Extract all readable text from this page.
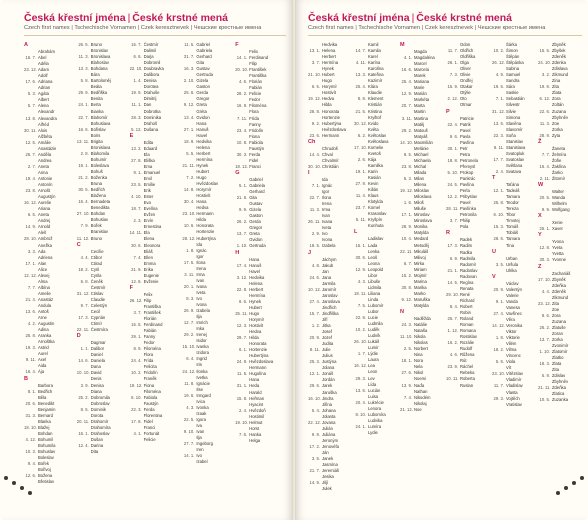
Česká křestní jména | České krstné mená
Czech first names | Tschechische Vornamen | Czek keresztnevek | Чешские крестные имена
A
Abrahám
16. 7. Abel
Adéla
23. 12. Adam
Adolf
17. 6. Adriana
Adrian
5. 3. Agáta
Albert
5. 7. Alena
Alexandr
13. 8. Alexandra
Alfréd
30. 11. Alois
Alžběta
12. 5. Amálie
Anastázie
26. 7. Anděla
Andrea
2. 7. Aneta
Anna
19. 4. Antonie
Antonín
23. 8. Arnošt
Augustýn
16. 12. Aurelie
Ariana
6. 5. Aneta
Andrej
14. 9. Arnold
Aleš
28. 10. Ambrož
Anežka
3. 3. Ada
Adriena
17. 1. Alan
Alice
12. 12. Alexej
Alma
7. 7. Albína
Amelie
21. 4. Anastáz
Andula
13. 6. Antoš
Arne
4. 2. Augustin
Adina
25. 8. Aranka
Arnoštka
19. 3. Astrid
Aurel
9. 11. Axel
Aida
16. 4. Ája
B
Barbora
8. 1. Bedřich
Běla
20. 6. Benedikt
Benjamin
31. 3. Bernard
Blanka
18. 10. Blažej
Bohdan
4. 12. Bohumil
Bohumila
10. 3. Bohuslav
Boleslav
9. 4. Bořek
Bořivoj
12. 6. Božena
Břetislav
26. 5. Bruno
Bronislav
11. 3. Bronislava
Blahoslav
13. 3. Bohdana
Bára
5. 8. Bartoloměj
Beáta
29. 9. Bedřiška
Benita
24. 1. Berta
Bianka
22. 7. Blahomír
Bohuslava
16. 6. Bořislav
Boris
13. 11. Brigita
Bronislava
2. 8. Blahomila
Bohumír
19. 1. Boleslava
Bohuš
21. 2. Boženka
Bruna
30. 5. Bedřich
Blažena
15. 4. Bernadeta
Benedikta
27. 10. Bohdan
Bohuslav
7. 9. Bořek
Branislav
11. 12. Bruno
C
Cecílie
4. 4. Ctibor
Ctirad
18. 2. Cyril
Cyrila
6. 8. Čeněk
Čestmír
31. 12. Ctislav
Claudie
9. 7. Celestýn
Cecil
17. 3. Cyprián
Ctimír
22. 11. Čestmíra
D
Dagmar
1. 1. Dalibor
Daniel
14. 6. Daniela
Dana
10. 10. David
Denis
3. 9. Denisa
Diana
25. 2. Dobromila
Dobroslav
8. 5. Dominik
Dorota
20. 11. Drahomír
Drahomíra
16. 1. Drahoslav
Dušan
12. 4. Darina
Dita
15. 7. Čestmír
Dalimil
6. 6. Darja
Dobromil
22. 10. Doubravka
Dalibora
1. 4. Denisa
Dorotea
19. 9. Drahuše
Dimitrij
11. 1. Dan
Dobrotka
28. 3. Dominika
Drahoš
5. 12. Dušana
E
Edita
13. 2. Eduard
Ela
27. 8. Eliška
Ema
9. 1. Emanuel
Emil
23. 5. Emílie
Erik
4. 10. Ester
Eva
18. 7. Evelína
Evžen
2. 3. Ervín
Ernestina
14. 11. Ela
Elena
30. 6. Eleonora
Eliáš
7. 4. Ellen
Emma
21. 9. Erika
Eugenie
12. 8. Evženie
F
Felix
26. 12. Filip
Františka
3. 7. František
Florián
15. 5. Ferdinand
Fabián
29. 1. Fanny
Fedor
8. 9. Filoména
Flora
24. 4. Frída
Felicita
10. 2. Fridolín
Franěk
19. 12. Fiona
Filoména
6. 10. Fabiola
Faustýn
22. 3. Ferda
Florentina
17. 8. Fidel
Franci
4. 1. Fortunát
Felicie
11. 5. Gabriel
Gabriela
31. 7. Gerhard
Gita
16. 3. Gustav
Gertruda
2. 10. Gizela
Gaston
25. 6. Gerda
Gregor
9. 12. Greta
Gréta
13. 4. Gvidon
Hana
27. 1. Hanuš
Havel
18. 9. Hedvika
Helena
5. 5. Herbert
Hermína
21. 11. Hynek
Hubert
7. 2. Hugo
Hvězdoslav
14. 8. Horymír
Hostivít
30. 4. Hana
Hedva
23. 10. Hermann
Hilda
10. 6. Honorata
Hortenzie
28. 12. Hubertýna
Ida
1. 8. Ignác
Igor
17. 5. Ilona
Irena
3. 11. Irma
Ivan
20. 1. Ivana
Iveta
8. 3. Ivo
Ivona
26. 9. Izabela
Ilja
12. 7. Imrich
Inka
29. 2. Irenej
Isidor
15. 10. Ivanka
Izidora
6. 4. Ingrid
Iris
24. 12. Ilonka
Ivetka
11. 8. Ignácie
Ilse
19. 6. Irmgard
Ivica
4. 3. Ivonka
Izaak
22. 5. Igora
Iva
9. 10. Ivan
Ilja
27. 7. Ingeborg
Iren
14. 1. Ivo
Izabel
F
Felix
14. 1. Ferdinand
Filip
20. 10. František
Františka
4. 6. Florián
Fabián
28. 2. Felicie
Fedor
16. 9. Filoména
Flora
7. 11. Frída
Fanny
23. 4. Fridolín
Fiona
10. 8. Fabiola
Faustýn
30. 3. Ferda
Fidel
18. 12. Franci
G
Gabriel
5. 1. Gabriela
Gerhard
21. 6. Gita
Gustav
9. 9. Gizela
Gaston
26. 2. Gerda
Gregor
13. 7. Greta
Gvidon
1. 10. Gertruda
H
Hana
17. 4. Hanuš
Havel
3. 12. Hedvika
Helena
22. 8. Herbert
Hermína
8. 6. Hynek
Hubert
25. 11. Hugo
Horymír
12. 3. Hostivít
Hedva
29. 7. Hilda
Honorata
6. 1. Hortenzie
Hubertýna
24. 9. Hvězdoslava
Hermann
11. 5. Hugolína
Hana
31. 1. Heda
Harald
15. 8. Heřman
Hyacint
2. 4. Hvězdoň
Hostimil
19. 10. Helmut
Horst
7. 6. Hanka
Helga
Česká křestní jména | České krstné mená
Czech first names | Tschechische Vornamen | Czek keresztnevek | Чешские крестные имена
Hedvika
13. 1. Helena
Herbert
3. 7. Hermína
Hynek
21. 10. Hubert
Hugo
6. 5. Horymír
Hostivít
19. 12. Hedva
Hilda
28. 8. Honorata
Hortenzie
9. 2. Hubertýna
Hvězdoslava
23. 6. Hermann
Ch
Chrudoš
14. 4. Chval
Chvalmír
30. 10. Christián
I
Ida
7. 1. Ignác
Igor
22. 7. Ilona
Irena
11. 3. Irma
Ivan
26. 11. Ivana
Iveta
2. 9. Ivo
Ivona
18. 5. Izabela
J
Jáchym
4. 8. Jakub
Jan
24. 6. Jana
Jarmila
10. 12. Jaromír
Jaroslav
27. 4. Jaroslava
Jindřich
15. 7. Jindřiška
Jiří
1. 2. Jitka
Josef
20. 9. Jozef
Judita
8. 11. Julie
Julius
25. 3. Justýna
Jolana
12. 1. Jonáš
Jordán
29. 6. Jarek
Jaruška
16. 10. Jindra
Jiřina
5. 4. Johana
Jolanta
22. 12. Jovana
Julián
9. 8. Juliána
Jeroným
17. 2. Jenovéfa
Ján
3. 5. Janek
Jasmína
21. 7. Jeremiáš
Jesika
14. 9. Jiljí
Julek
Kamil
14. 7. Kamila
Karel
4. 11. Karína
Karolína
13. 3. Kateřina
Kazimír
25. 4. Klára
Klaudie
8. 8. Klement
Kristián
21. 5. Kristina
Kryštof
30. 12. Kvido
Květa
6. 2. Květoslav
Květoslava
17. 10. Kornelie
Kvetoš
2. 6. Kája
Kamilka
19. 1. Karin
Kasián
27. 9. Kevin
Kilián
11. 4. Klaus
Klotylda
23. 7. Kornel
Krasoslav
5. 11. Kryšpín
Kunhuta
L
Ladislav
15. 1. Lada
Lenka
30. 6. Leoš
Leona
12. 9. Leopold
Libor
4. 3. Libuše
Lidmila
18. 11. Liliana
Linda
7. 5. Lubomír
Lubor
22. 8. Lucie
Ludmila
10. 2. Luděk
Ludvík
26. 10. Lukáš
Lumír
1. 7. Lýdie
Laura
16. 12. Lea
Leon
29. 3. Lev
Lída
13. 6. Lucián
Luisa
20. 4. Lukrécie
Lenora
8. 10. Lubomíra
Ludvika
24. 1. Lumíra
Lydie
M
Magda
4. 1. Magdaléna
Marcel
16. 6. Marcela
Marek
25. 4. Mariana
Marie
12. 9. Marián
Markéta
20. 7. Marta
Martin
3. 11. Martina
Matěj
29. 2. Matouš
Matyáš
14. 10. Maxmilián
Melánie
8. 5. Michael
Michaela
23. 8. Michal
Milada
5. 3. Milan
Milena
19. 12. Miloslav
Miloslava
1. 6. Miloš
Miluše
17. 1. Miroslav
Miroslava
28. 9. Monika
Matylda
10. 4. Medard
Metoděj
22. 11. Mikuláš
Milivoj
6. 7. Mirka
Miriam
15. 2. Mojmír
Marina
30. 8. Marika
Marko
9. 12. Maruška
Matylda
N
Naděžda
24. 3. Natálie
Nataša
11. 10. Nikola
Nikolas
2. 5. Norbert
Nina
18. 1. Nora
Nela
27. 6. Nikol
Noemi
13. 9. Naďa
Nathan
7. 4. Nikodém
Nikolaj
21. 12. Noe
Odon
11. 7. Oldřich
Oldřiška
26. 1. Olga
Oliver
7. 3. Olivie
Ondřej
15. 9. Otakar
Otýlie
2. 12. Oto
Otmar
P
Patricie
22. 4. Patrik
Pavel
9. 6. Pavla
Pavlína
30. 1. Petr
Petra
18. 8. Petronela
Přemysl
5. 10. Prokop
Pankrác
24. 5. Pavlína
Perla
12. 2. Pribyslav
Pavel
28. 11. Pavlínka
Petronila
3. 7. Philip
Pola
R
Radek
17. 3. Radim
Radka
6. 9. Radmila
Radomír
21. 1. Radoslav
Radovan
14. 5. Regína
Renata
29. 10. René
Richard
8. 4. Robert
Robin
25. 7. Roland
Roman
1. 12. Romana
Rostislav
16. 2. Rozálie
Rudolf
4. 6. Růžena
Rút
23. 9. Ráchel
Rebeka
10. 11. Roberta
Ruslan
Šárka
10. 2. Šimon
Štěpán
26. 12. Štěpánka
Sabina
4. 9. Samuel
Sandra
19. 5. Sára
Saskie
7. 1. Sebastián
Silvestr
31. 12. Silvie
Simona
13. 6. Slavěna
Slavomír
22. 3. Soňa
Stanislav
8. 11. Stanislava
Svatopluk
17. 7. Svatoslav
Světlana
2. 4. Svatava
T
Taťána
12. 1. Tadeáš
Tamara
25. 8. Teodor
Tereza
6. 10. Tibor
Timotej
15. 3. Tomáš
Tobiáš
28. 6. Tamara
Tina
U
Urban
3. 5. Uršula
Ulrika
V
Václav
20. 9. Valentýn
Valerie
9. 1. Vanda
Vanesa
27. 4. Vavřinec
Věra
14. 12. Veronika
Viktor
1. 8. Viktorie
Vilém
18. 2. Vilma
Vincenc
5. 6. Viola
Vít
23. 10. Vítězslav
Vladimír
11. 7. Vladislav
Vlasta
29. 3. Vojtěch
Vratislav
Zbyněk
15. 5. Zbyšek
Zdeněk
24. 10. Zdenka
Zdislava
3. 2. Zikmund
Zina
19. 8. Zita
Zlata
6. 12. Zora
Zoltán
22. 6. Zuzana
Zbyhněv
11. 3. Zoe
Zorka
28. 9. Zyta
Ž
Žaneta
7. 7. Želmíra
Žofie
16. 4. Žaklína
Žarko
2. 11. Žitomír
W
Walter
20. 5. Wanda
Wilhelm
9. 9. Wolfgang
X
Xenie
25. 1. Xaver
Y
Yvona
12. 8. Yveta
Yvetta
30. 3. Yvonne
Z
Zachariáš
17. 10. Zbyněk
Zdeňka
4. 4. Zdeněk
Zikmund
23. 12. Zita
Zoe
8. 6. Zora
Zuzana
26. 2. Zlatuše
Zoran
13. 7. Zorka
Zvonimír
1. 10. Zlatomír
Zlatko
18. 3. Zlata
Zita
5. 9. Zdislav
Zbyhněv
21. 11. Zdeňka
Zlatica
10. 5. Zuzanka
